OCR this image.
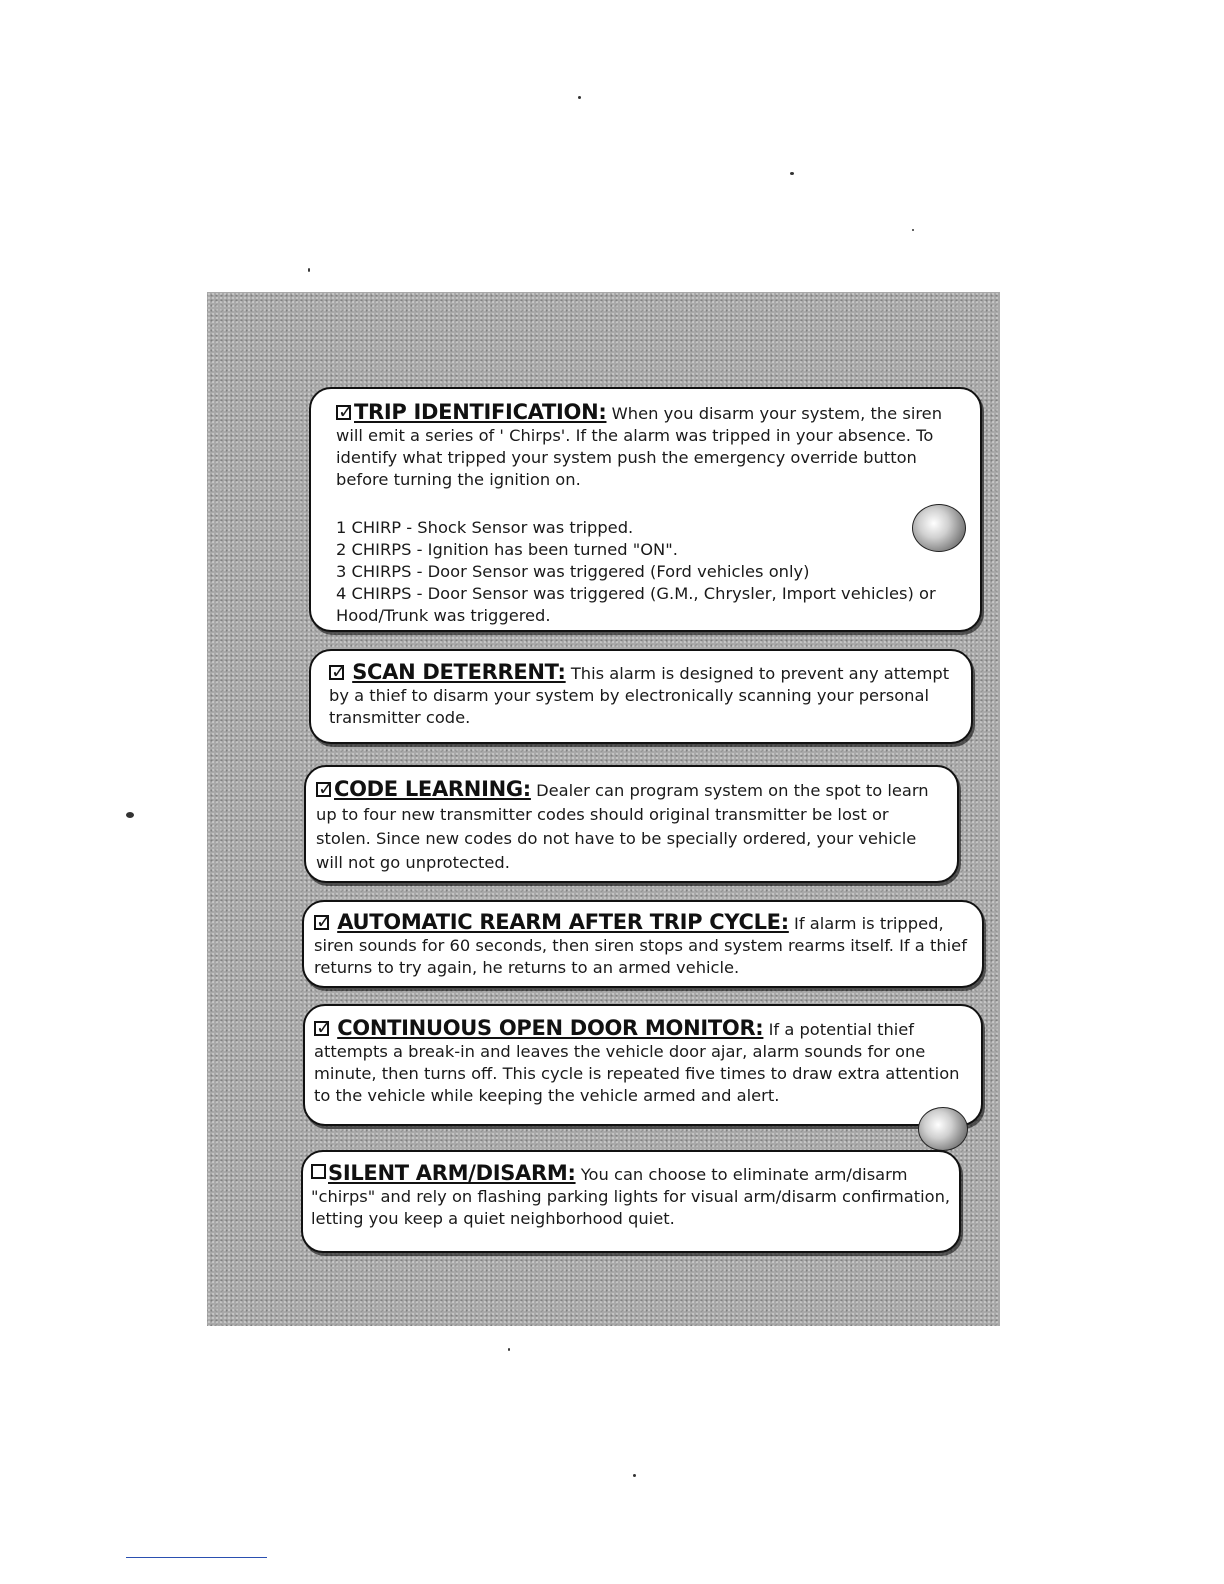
✓TRIP IDENTIFICATION: When you disarm your system, the siren will emit a series of ' Chirps'. If the alarm was tripped in your absence. To identify what tripped your system push the emergency override button before turning the ignition on.

1 CHIRP - Shock Sensor was tripped.
2 CHIRPS - Ignition has been turned "ON".
3 CHIRPS - Door Sensor was triggered (Ford vehicles only)
4 CHIRPS - Door Sensor was triggered (G.M., Chrysler, Import vehicles) or
Hood/Trunk was triggered.

✓ SCAN DETERRENT: This alarm is designed to prevent any attempt by a thief to disarm your system by electronically scanning your personal transmitter code.

✓CODE LEARNING: Dealer can program system on the spot to learn up to four new transmitter codes should original transmitter be lost or stolen. Since new codes do not have to be specially ordered, your vehicle will not go unprotected.

✓ AUTOMATIC REARM AFTER TRIP CYCLE: If alarm is tripped, siren sounds for 60 seconds, then siren stops and system rearms itself. If a thief returns to try again, he returns to an armed vehicle.

✓ CONTINUOUS OPEN DOOR MONITOR: If a potential thief attempts a break-in and leaves the vehicle door ajar, alarm sounds for one minute, then turns off. This cycle is repeated five times to draw extra attention to the vehicle while keeping the vehicle armed and alert.

SILENT ARM/DISARM: You can choose to eliminate arm/disarm "chirps" and rely on flashing parking lights for visual arm/disarm confirmation, letting you keep a quiet neighborhood quiet.
